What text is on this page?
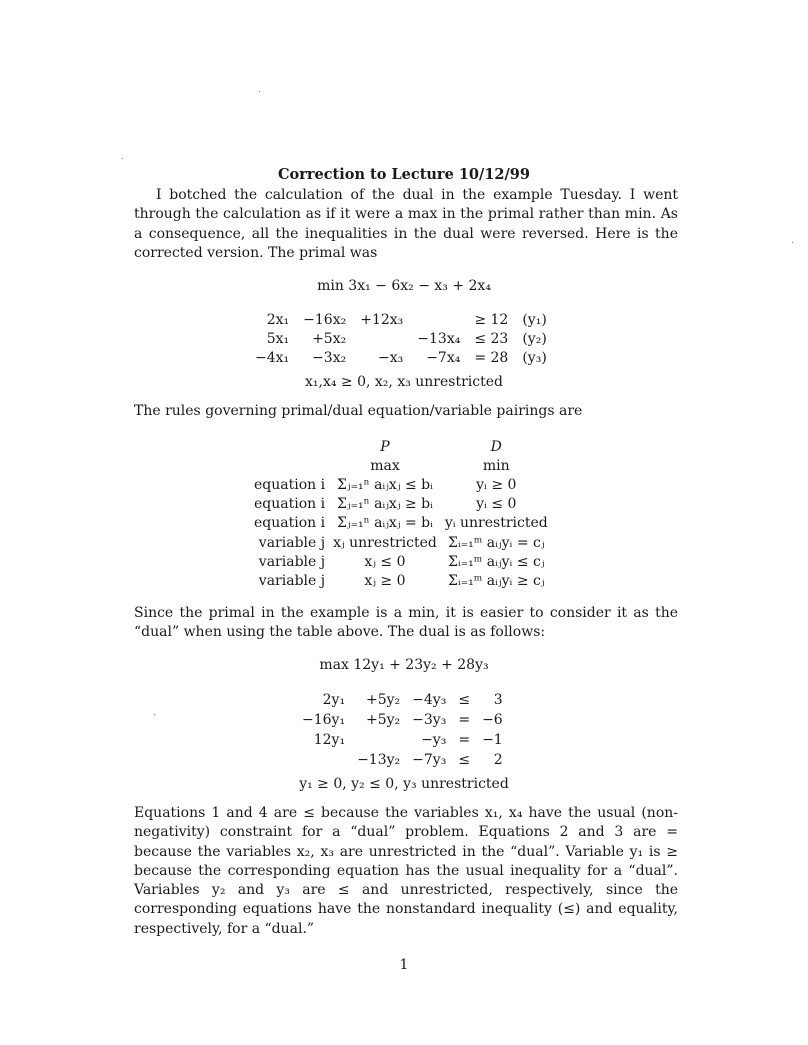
Correction to Lecture 10/12/99

I botched the calculation of the dual in the example Tuesday. I went through the calculation as if it were a max in the primal rather than min. As a consequence, all the inequalities in the dual were reversed. Here is the corrected version. The primal was

min 3x₁ − 6x₂ − x₃ + 2x₄
2x₁	−16x₂	+12x₃		≥ 12	(y₁)
5x₁	+5x₂		−13x₄	≤ 23	(y₂)
−4x₁	−3x₂	−x₃	−7x₄	= 28	(y₃)
x₁,x₄ ≥ 0, x₂, x₃ unrestricted

The rules governing primal/dual equation/variable pairings are

	P	D
	max	min
equation i	Σⱼ₌₁ⁿ aᵢⱼxⱼ ≤ bᵢ	yᵢ ≥ 0
equation i	Σⱼ₌₁ⁿ aᵢⱼxⱼ ≥ bᵢ	yᵢ ≤ 0
equation i	Σⱼ₌₁ⁿ aᵢⱼxⱼ = bᵢ	yᵢ unrestricted
variable j	xⱼ unrestricted	Σᵢ₌₁ᵐ aᵢⱼyᵢ = cⱼ
variable j	xⱼ ≤ 0	Σᵢ₌₁ᵐ aᵢⱼyᵢ ≤ cⱼ
variable j	xⱼ ≥ 0	Σᵢ₌₁ᵐ aᵢⱼyᵢ ≥ cⱼ

Since the primal in the example is a min, it is easier to consider it as the “dual” when using the table above. The dual is as follows:

max 12y₁ + 23y₂ + 28y₃
2y₁	+5y₂	−4y₃	≤	3
−16y₁	+5y₂	−3y₃	=	−6
12y₁		−y₃	=	−1
	−13y₂	−7y₃	≤	2
y₁ ≥ 0, y₂ ≤ 0, y₃ unrestricted

Equations 1 and 4 are ≤ because the variables x₁, x₄ have the usual (non-negativity) constraint for a “dual” problem. Equations 2 and 3 are = because the variables x₂, x₃ are unrestricted in the “dual”. Variable y₁ is ≥ because the corresponding equation has the usual inequality for a “dual”. Variables y₂ and y₃ are ≤ and unrestricted, respectively, since the corresponding equations have the nonstandard inequality (≤) and equality, respectively, for a “dual.”

1
